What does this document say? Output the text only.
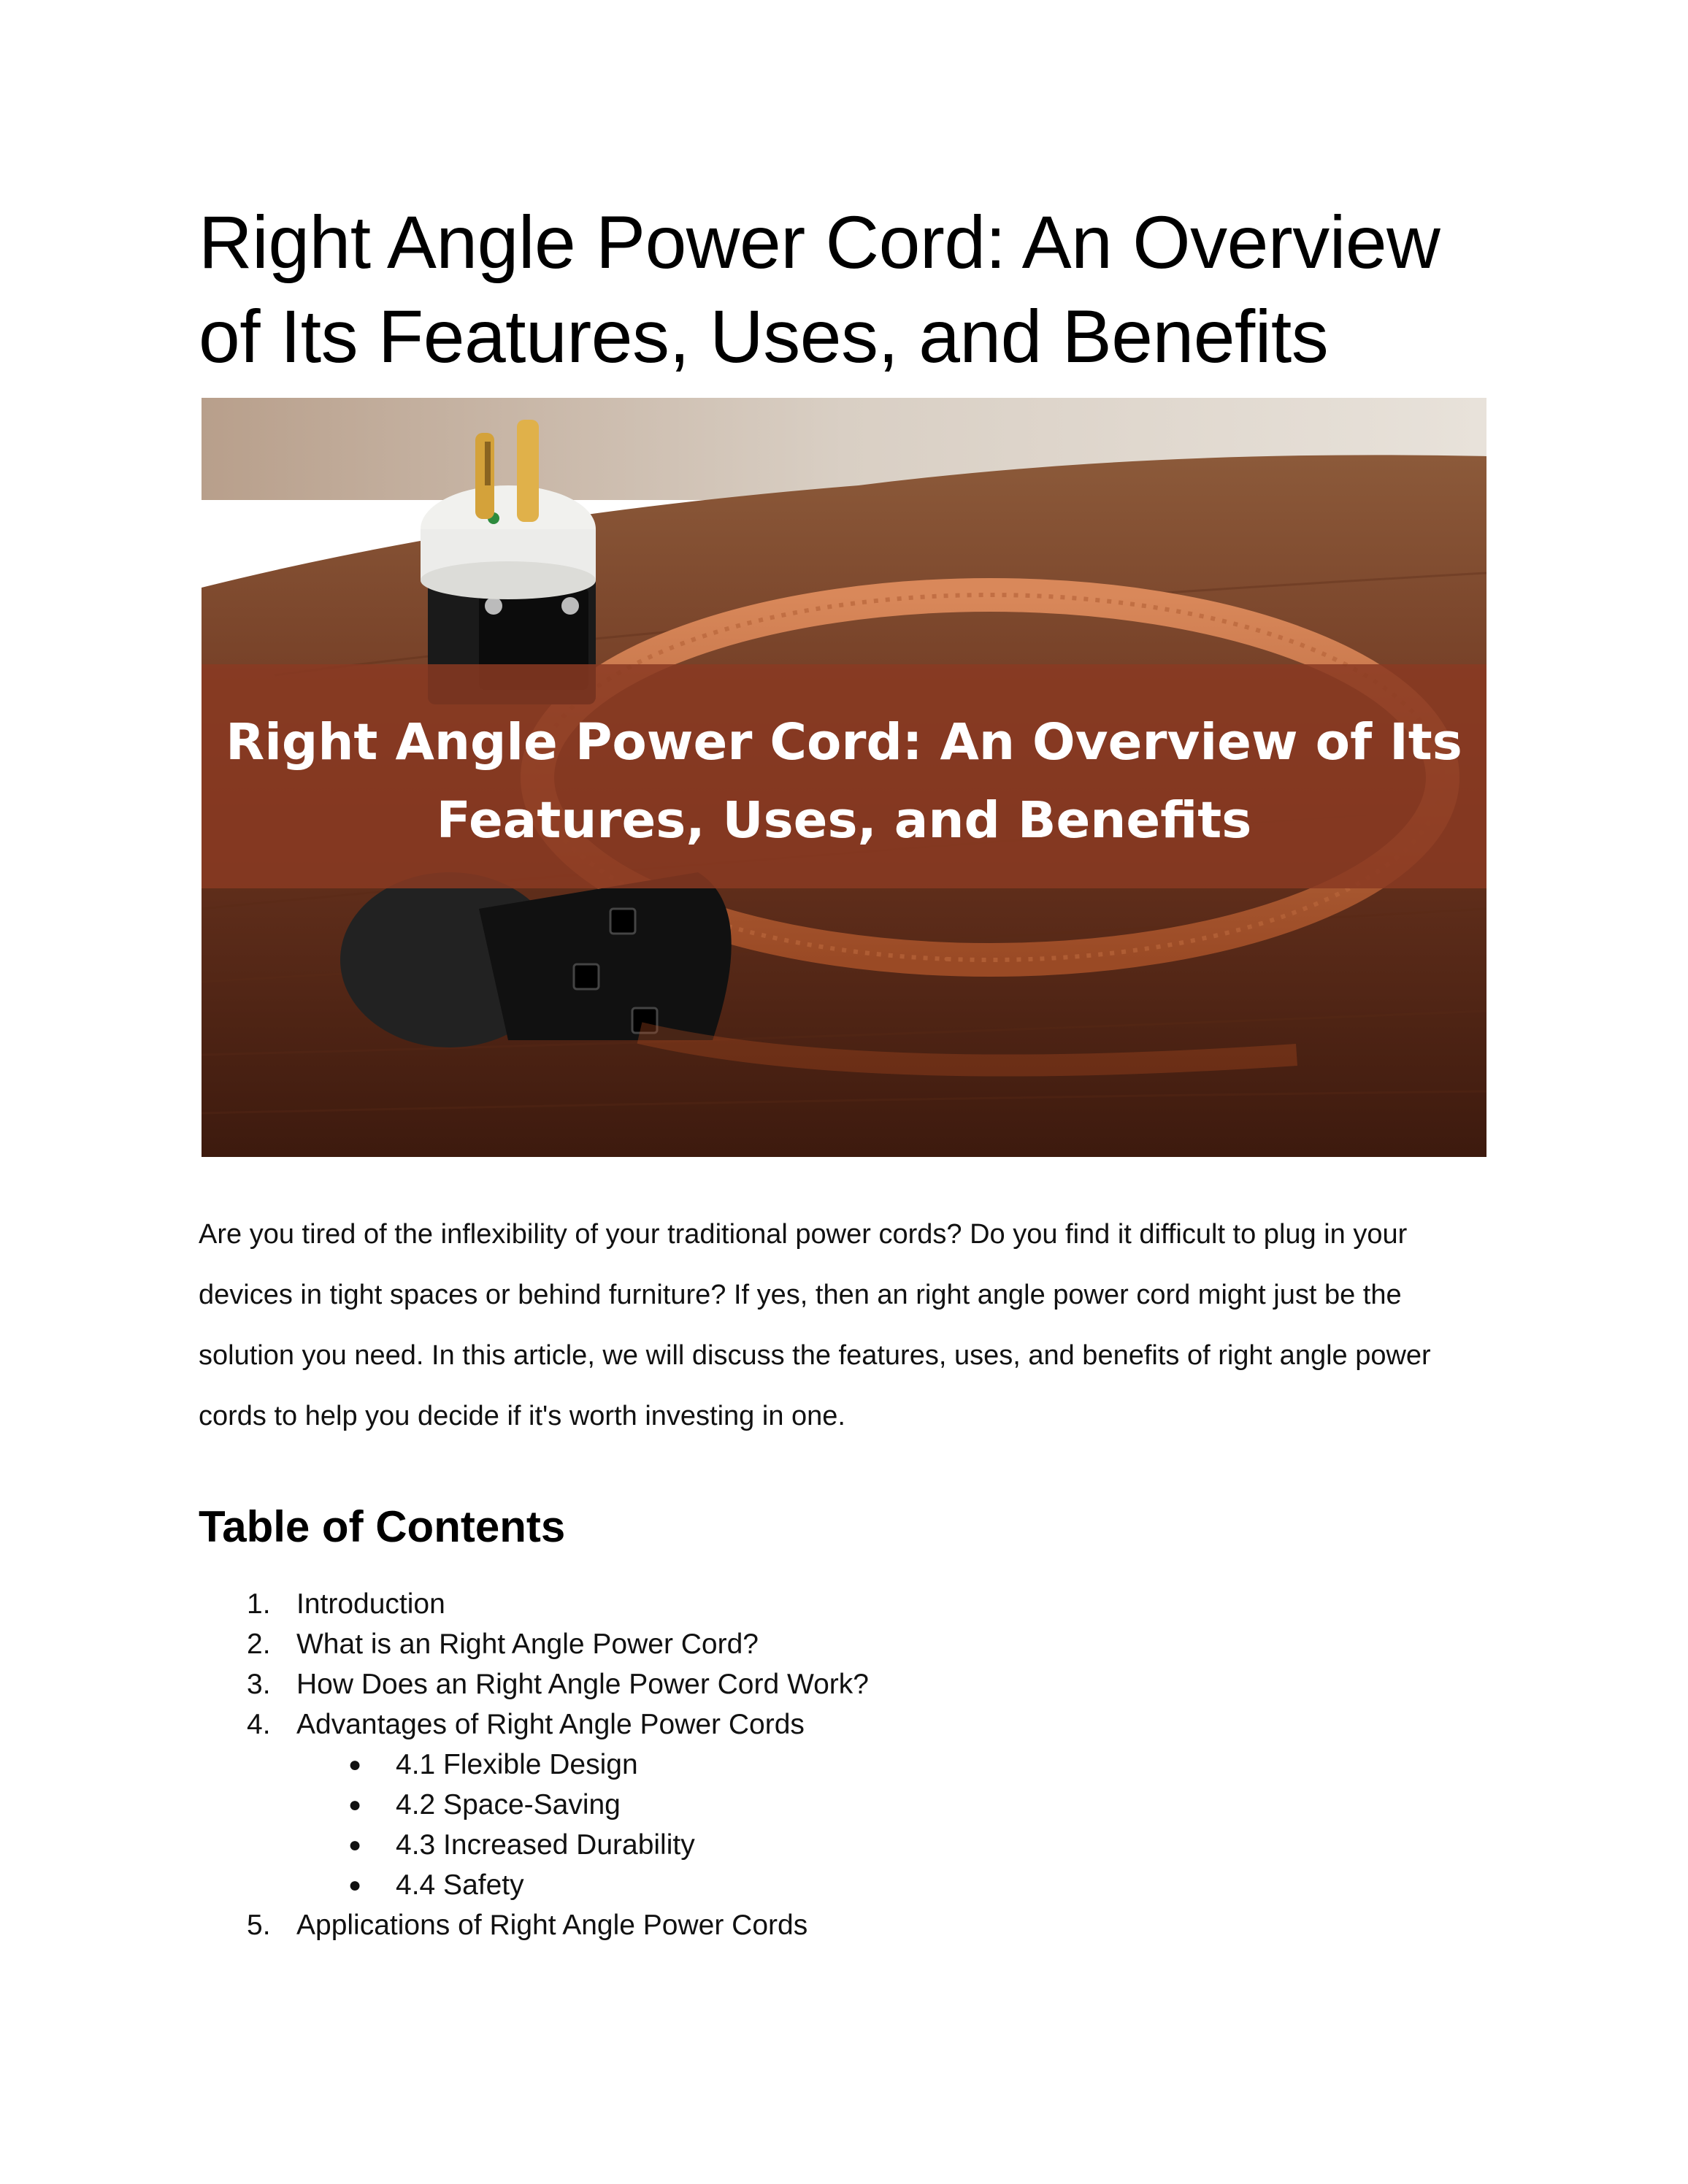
Right Angle Power Cord: An Overview of Its Features, Uses, and Benefits
Right Angle Power Cord: An Overview of Its
Features, Uses, and Benefits

Are you tired of the inflexibility of your traditional power cords? Do you find it difficult to plug in your devices in tight spaces or behind furniture? If yes, then an right angle power cord might just be the solution you need. In this article, we will discuss the features, uses, and benefits of right angle power cords to help you decide if it's worth investing in one.

Table of Contents
1. Introduction
2. What is an Right Angle Power Cord?
3. How Does an Right Angle Power Cord Work?
4. Advantages of Right Angle Power Cords
● 4.1 Flexible Design
● 4.2 Space-Saving
● 4.3 Increased Durability
● 4.4 Safety
5. Applications of Right Angle Power Cords
